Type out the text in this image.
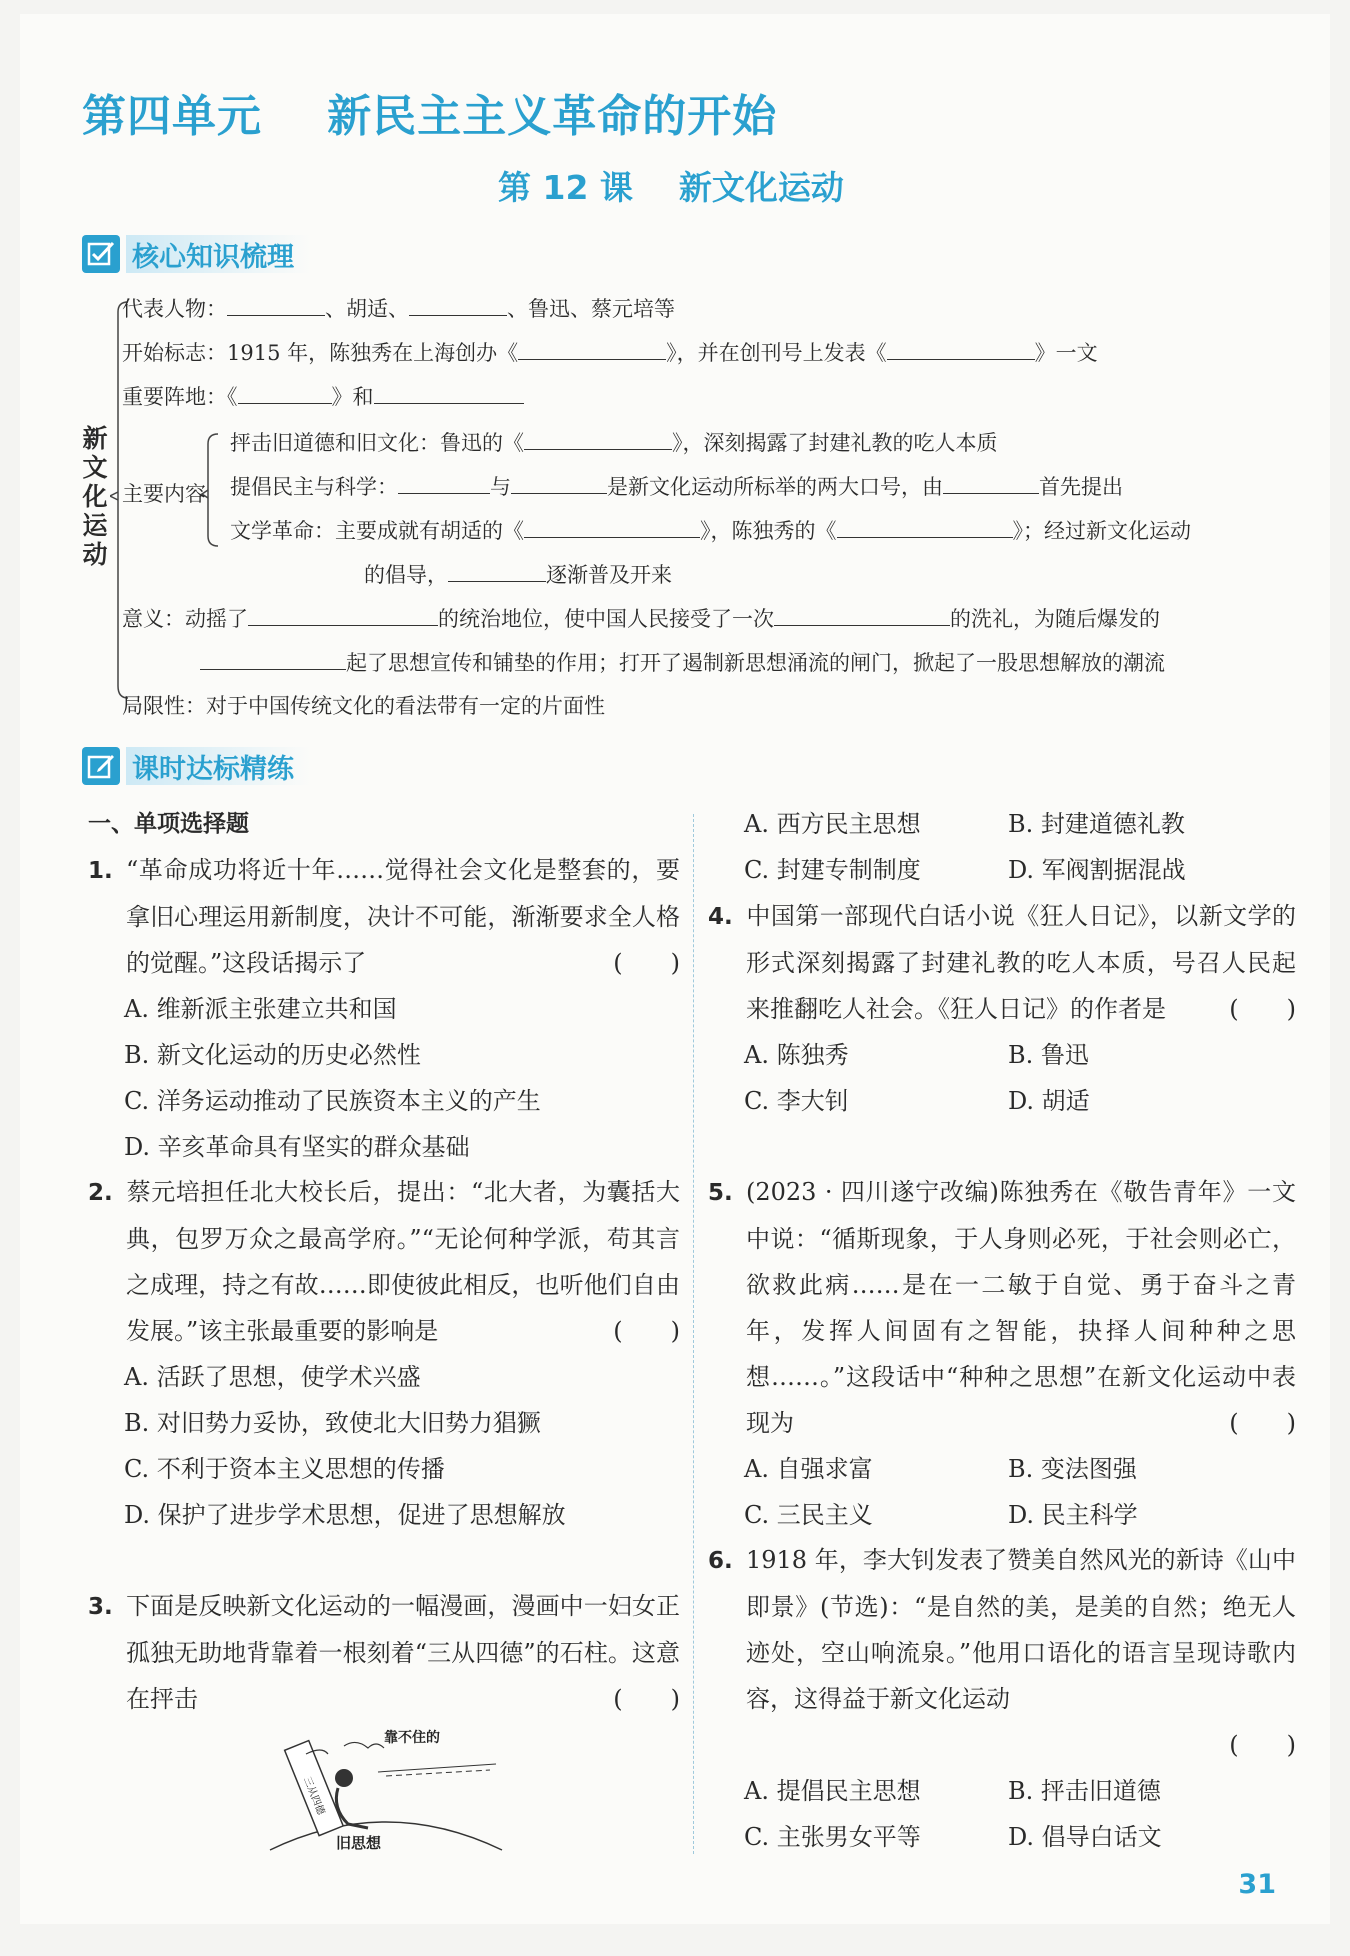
第四单元    新民主主义革命的开始
第 12 课    新文化运动
核心知识梳理
新文化运动
代表人物：	、胡适、	、鲁迅、蔡元培等
开始标志：1915 年，陈独秀在上海创办《	》，并在创刊号上发表《	》一文
重要阵地：《	》和
主要内容
抨击旧道德和旧文化：鲁迅的《	》，深刻揭露了封建礼教的吃人本质
提倡民主与科学：	与	是新文化运动所标举的两大口号，由	首先提出
文学革命：主要成就有胡适的《	》，陈独秀的《	》；经过新文化运动
的倡导，	逐渐普及开来
意义：动摇了	的统治地位，使中国人民接受了一次	的洗礼，为随后爆发的
起了思想宣传和铺垫的作用；打开了遏制新思想涌流的闸门，掀起了一股思想解放的潮流
局限性：对于中国传统文化的看法带有一定的片面性
课时达标精练
一、单项选择题
1. “革命成功将近十年……觉得社会文化是整套的，要拿旧心理运用新制度，决计不可能，渐渐要求全人格的觉醒。”这段话揭示了	(　　)
A. 维新派主张建立共和国
B. 新文化运动的历史必然性
C. 洋务运动推动了民族资本主义的产生
D. 辛亥革命具有坚实的群众基础
2. 蔡元培担任北大校长后，提出：“北大者，为囊括大典，包罗万众之最高学府。”“无论何种学派，苟其言之成理，持之有故……即使彼此相反，也听他们自由发展。”该主张最重要的影响是	(　　)
A. 活跃了思想，使学术兴盛
B. 对旧势力妥协，致使北大旧势力猖獗
C. 不利于资本主义思想的传播
D. 保护了进步学术思想，促进了思想解放
3. 下面是反映新文化运动的一幅漫画，漫画中一妇女正孤独无助地背靠着一根刻着“三从四德”的石柱。这意在抨击	(　　)
靠不住的
三从四德
旧思想
A. 西方民主思想	B. 封建道德礼教
C. 封建专制制度	D. 军阀割据混战
4. 中国第一部现代白话小说《狂人日记》，以新文学的形式深刻揭露了封建礼教的吃人本质，号召人民起来推翻吃人社会。《狂人日记》的作者是	(　　)
A. 陈独秀	B. 鲁迅
C. 李大钊	D. 胡适
5. (2023 · 四川遂宁改编)陈独秀在《敬告青年》一文中说：“循斯现象，于人身则必死，于社会则必亡，欲救此病……是在一二敏于自觉、勇于奋斗之青年，发挥人间固有之智能，抉择人间种种之思想……。”这段话中“种种之思想”在新文化运动中表现为	(　　)
A. 自强求富	B. 变法图强
C. 三民主义	D. 民主科学
6. 1918 年，李大钊发表了赞美自然风光的新诗《山中即景》(节选)：“是自然的美，是美的自然；绝无人迹处，空山响流泉。”他用口语化的语言呈现诗歌内容，这得益于新文化运动
(　　)
A. 提倡民主思想	B. 抨击旧道德
C. 主张男女平等	D. 倡导白话文
31
